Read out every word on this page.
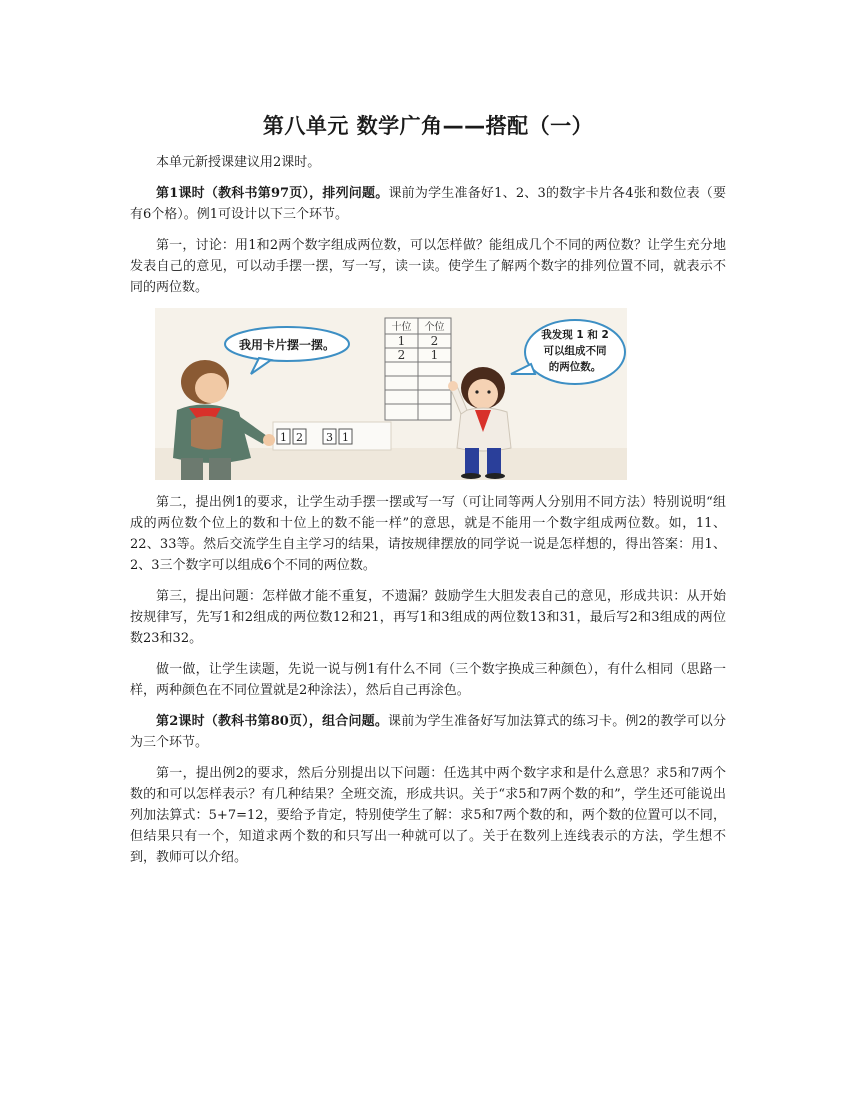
第八单元 数学广角——搭配（一）

本单元新授课建议用2课时。

第1课时（教科书第97页），排列问题。课前为学生准备好1、2、3的数字卡片各4张和数位表（要有6个格）。例1可设计以下三个环节。

第一，讨论：用1和2两个数字组成两位数，可以怎样做？能组成几个不同的两位数？让学生充分地发表自己的意见，可以动手摆一摆，写一写，读一读。使学生了解两个数字的排列位置不同，就表示不同的两位数。

我用卡片摆一摆。
1 2 3 1
十位 个位
1 2
2 1
我发现 1 和 2
可以组成不同
的两位数。

第二，提出例1的要求，让学生动手摆一摆或写一写（可让同等两人分别用不同方法）特别说明“组成的两位数个位上的数和十位上的数不能一样”的意思，就是不能用一个数字组成两位数。如，11、22、33等。然后交流学生自主学习的结果，请按规律摆放的同学说一说是怎样想的，得出答案：用1、2、3三个数字可以组成6个不同的两位数。

第三，提出问题：怎样做才能不重复，不遗漏？鼓励学生大胆发表自己的意见，形成共识：从开始按规律写，先写1和2组成的两位数12和21，再写1和3组成的两位数13和31，最后写2和3组成的两位数23和32。

做一做，让学生读题，先说一说与例1有什么不同（三个数字换成三种颜色），有什么相同（思路一样，两种颜色在不同位置就是2种涂法），然后自己再涂色。

第2课时（教科书第80页），组合问题。课前为学生准备好写加法算式的练习卡。例2的教学可以分为三个环节。

第一，提出例2的要求，然后分别提出以下问题：任选其中两个数字求和是什么意思？求5和7两个数的和可以怎样表示？有几种结果？全班交流，形成共识。关于“求5和7两个数的和”，学生还可能说出列加法算式：5+7=12，要给予肯定，特别使学生了解：求5和7两个数的和，两个数的位置可以不同，但结果只有一个，知道求两个数的和只写出一种就可以了。关于在数列上连线表示的方法，学生想不到，教师可以介绍。
